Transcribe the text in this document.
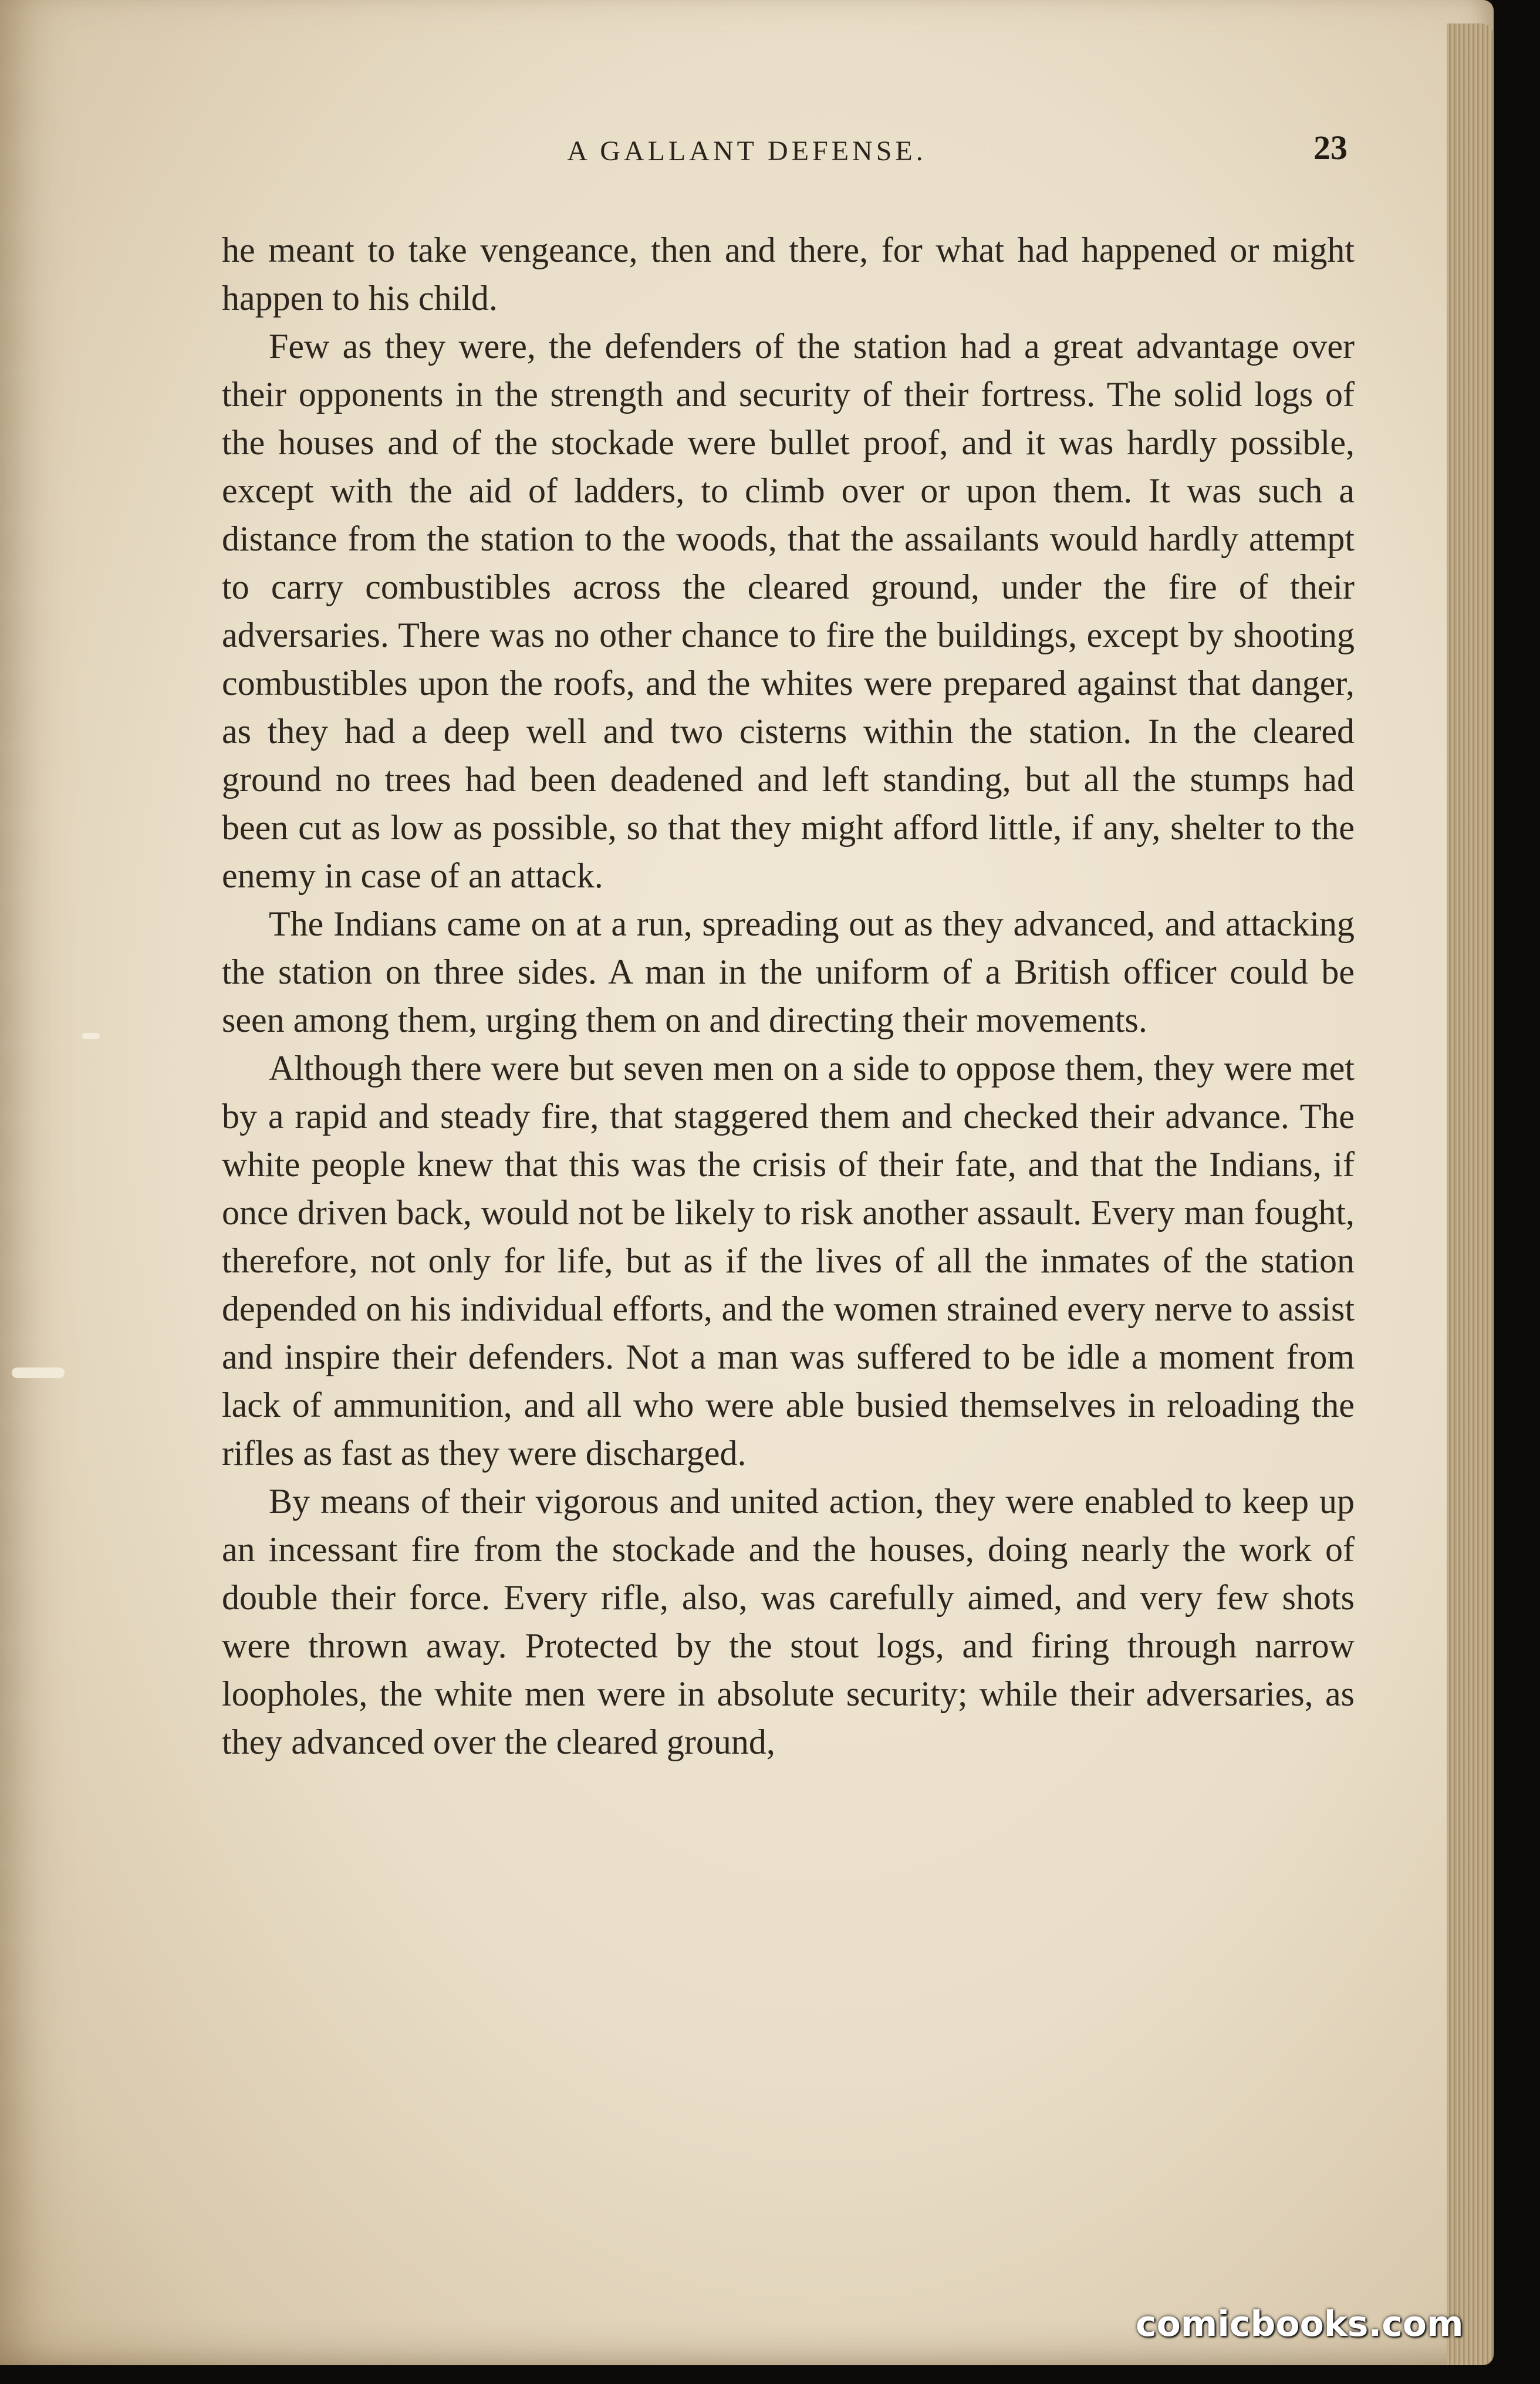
A GALLANT DEFENSE.	23

he meant to take vengeance, then and there, for what had happened or might happen to his child.

Few as they were, the defenders of the station had a great advantage over their opponents in the strength and security of their fortress. The solid logs of the houses and of the stockade were bullet proof, and it was hardly possible, except with the aid of ladders, to climb over or upon them. It was such a distance from the station to the woods, that the assailants would hardly attempt to carry combustibles across the cleared ground, under the fire of their adversaries. There was no other chance to fire the buildings, except by shooting combustibles upon the roofs, and the whites were prepared against that danger, as they had a deep well and two cisterns within the station. In the cleared ground no trees had been deadened and left standing, but all the stumps had been cut as low as possible, so that they might afford little, if any, shelter to the enemy in case of an attack.

The Indians came on at a run, spreading out as they advanced, and attacking the station on three sides. A man in the uniform of a British officer could be seen among them, urging them on and directing their movements.

Although there were but seven men on a side to oppose them, they were met by a rapid and steady fire, that staggered them and checked their advance. The white people knew that this was the crisis of their fate, and that the Indians, if once driven back, would not be likely to risk another assault. Every man fought, therefore, not only for life, but as if the lives of all the inmates of the station depended on his individual efforts, and the women strained every nerve to assist and inspire their defenders. Not a man was suffered to be idle a moment from lack of ammunition, and all who were able busied themselves in reloading the rifles as fast as they were discharged.

By means of their vigorous and united action, they were enabled to keep up an incessant fire from the stockade and the houses, doing nearly the work of double their force. Every rifle, also, was carefully aimed, and very few shots were thrown away. Protected by the stout logs, and firing through narrow loopholes, the white men were in absolute security; while their adversaries, as they advanced over the cleared ground,

comicbooks.com
